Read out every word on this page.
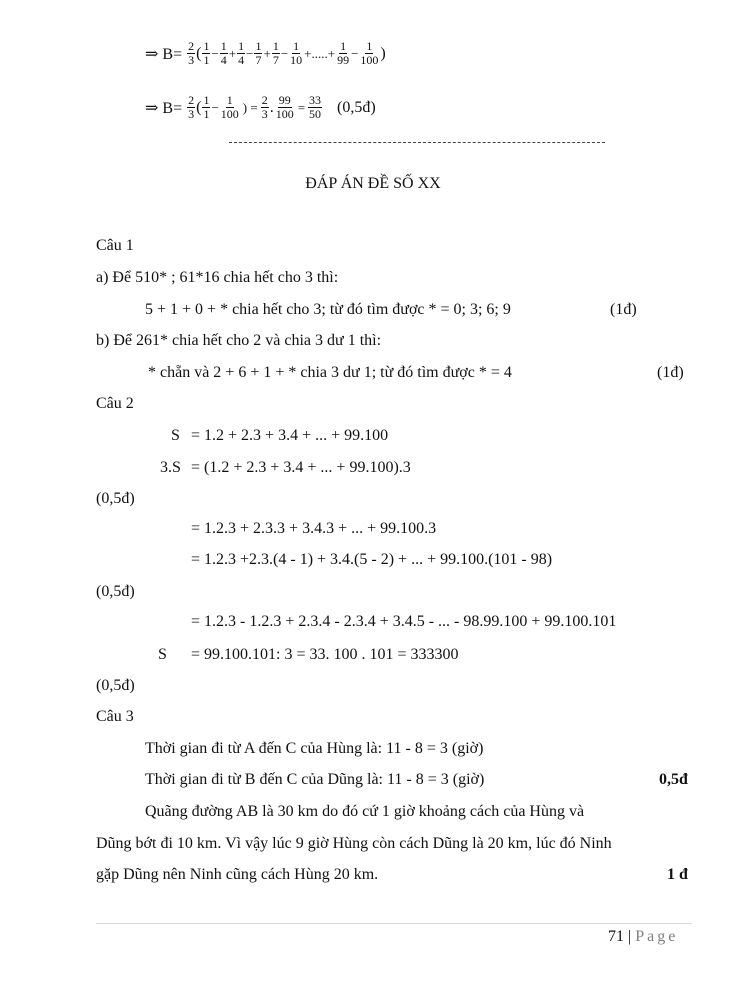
⇒ $B= \frac{2}{3}$ ( $\frac{1}{1} - \frac{1}{4} + \frac{1}{4} - \frac{1}{7} + \frac{1}{7} - \frac{1}{10}$ +.....+ $\frac{1}{99} - \frac{1}{100}$ )
⇒ $B= \frac{2}{3}$ ( $\frac{1}{1} - \frac{1}{100}$ ) = $\frac{2}{3}$ . $\frac{99}{100} = \frac{33}{50}$ (0,5đ)
ĐÁP ÁN ĐỀ SỐ XX
Câu 1
a) Để 510* ; 61*16 chia hết cho 3 thì:
5 + 1 + 0 + * chia hết cho 3; từ đó tìm được * = 0; 3; 6; 9	(1đ)
b) Để 261* chia hết cho 2 và chia 3 dư 1 thì:
* chẵn và 2 + 6 + 1 + * chia 3 dư 1; từ đó tìm được * = 4	(1đ)
Câu 2
S = 1.2 + 2.3 + 3.4 + ... + 99.100
3.S = (1.2 + 2.3 + 3.4 + ... + 99.100).3
(0,5đ)
= 1.2.3 + 2.3.3 + 3.4.3 + ... + 99.100.3
= 1.2.3 +2.3.(4 - 1) + 3.4.(5 - 2) + ... + 99.100.(101 - 98)
(0,5đ)
= 1.2.3 - 1.2.3 + 2.3.4 - 2.3.4 + 3.4.5 - ... - 98.99.100 + 99.100.101
S = 99.100.101: 3 = 33. 100 . 101 = 333300
(0,5đ)
Câu 3
Thời gian đi từ A đến C của Hùng là: 11 - 8 = 3 (giờ)
Thời gian đi từ B đến C của Dũng là: 11 - 8 = 3 (giờ)	0,5đ
Quãng đường AB là 30 km do đó cứ 1 giờ khoảng cách của Hùng và
Dũng bớt đi 10 km. Vì vậy lúc 9 giờ Hùng còn cách Dũng là 20 km, lúc đó Ninh
gặp Dũng nên Ninh cũng cách Hùng 20 km.	1 đ
71 | Page
